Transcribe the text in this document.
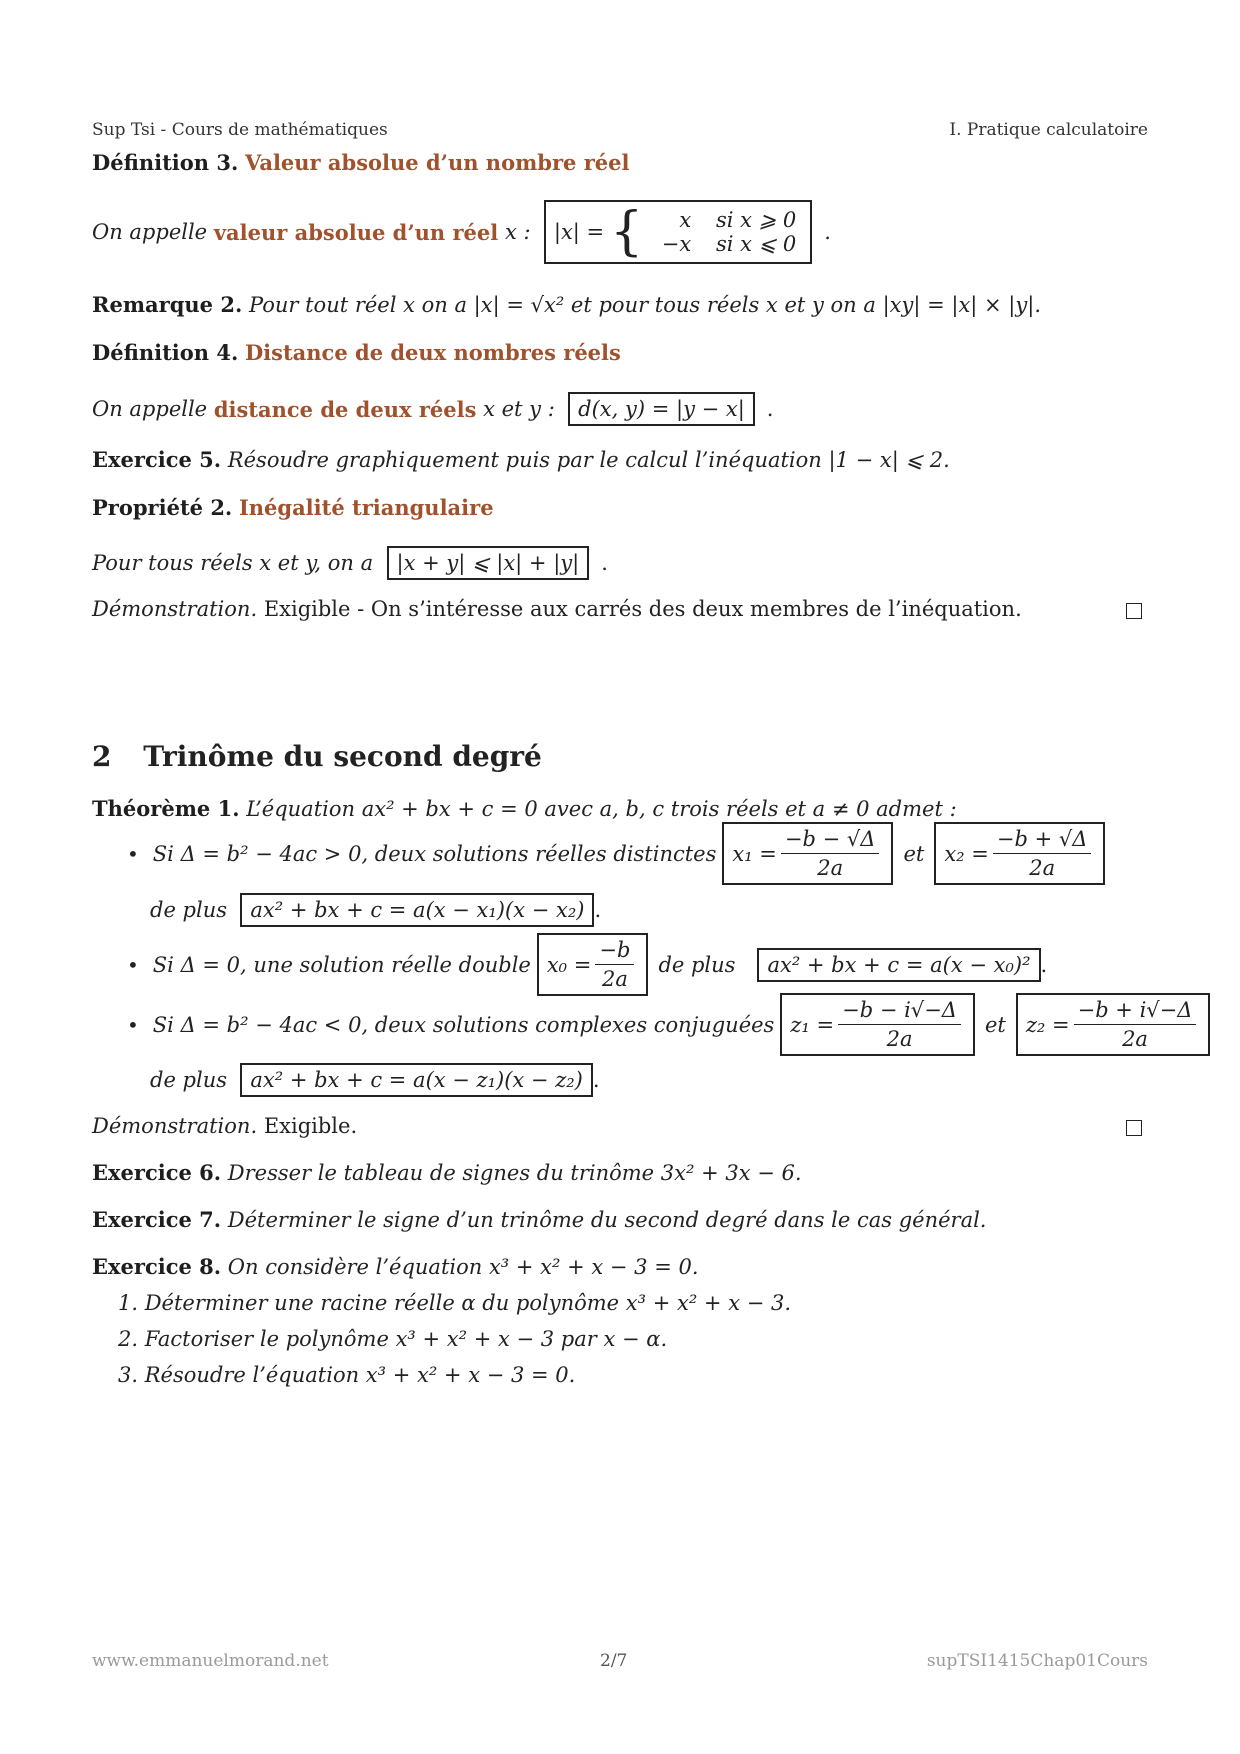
Sup Tsi - Cours de mathématiques	I. Pratique calculatoire
Définition 3. Valeur absolue d’un nombre réel
On appelle
valeur absolue d’un réel
x :
|x| = {	x si x ⩾ 0
−x si x ⩽ 0 .
Remarque 2. Pour tout réel x on a |x| = √x² et pour tous réels x et y on a |xy| = |x| × |y|.
Définition 4. Distance de deux nombres réels
On appelle
distance de deux réels
x et y :
	d(x, y) = |y − x|	.
Exercice 5. Résoudre graphiquement puis par le calcul l’inéquation |1 − x| ⩽ 2.
Propriété 2. Inégalité triangulaire
Pour tous réels x et y, on a
	|x + y| ⩽ |x| + |y|	.
Démonstration. Exigible - On s’intéresse aux carrés des deux membres de l’inéquation.
2 Trinôme du second degré
Théorème 1. L’équation ax² + bx + c = 0 avec a, b, c trois réels et a ≠ 0 admet :
• Si Δ = b² − 4ac > 0, deux solutions réelles distinctes $x_1 = \frac{-b - √\Delta}{2a}$ et $x_2 = \frac{-b + √\Delta}{2a}$
de plus
	ax² + bx + c = a(x − x₁)(x − x₂) .
• Si Δ = 0, une solution réelle double $x_0 = \frac{-b}{2a}$ de plus	ax² + bx + c = a(x − x₀)² .
• Si Δ = b² − 4ac < 0, deux solutions complexes conjuguées $z_1 = \frac{-b - i√-\Delta}{2a}$ et $z_2 = \frac{-b + i√-\Delta}{2a}$
de plus
	ax² + bx + c = a(x − z₁)(x − z₂) .
Démonstration. Exigible.
Exercice 6. Dresser le tableau de signes du trinôme 3x² + 3x − 6.
Exercice 7. Déterminer le signe d’un trinôme du second degré dans le cas général.
Exercice 8. On considère l’équation x³ + x² + x − 3 = 0.
1. Déterminer une racine réelle α du polynôme x³ + x² + x − 3.
2. Factoriser le polynôme x³ + x² + x − 3 par x − α.
3. Résoudre l’équation x³ + x² + x − 3 = 0.
www.emmanuelmorand.net	2/7	supTSI1415Chap01Cours
